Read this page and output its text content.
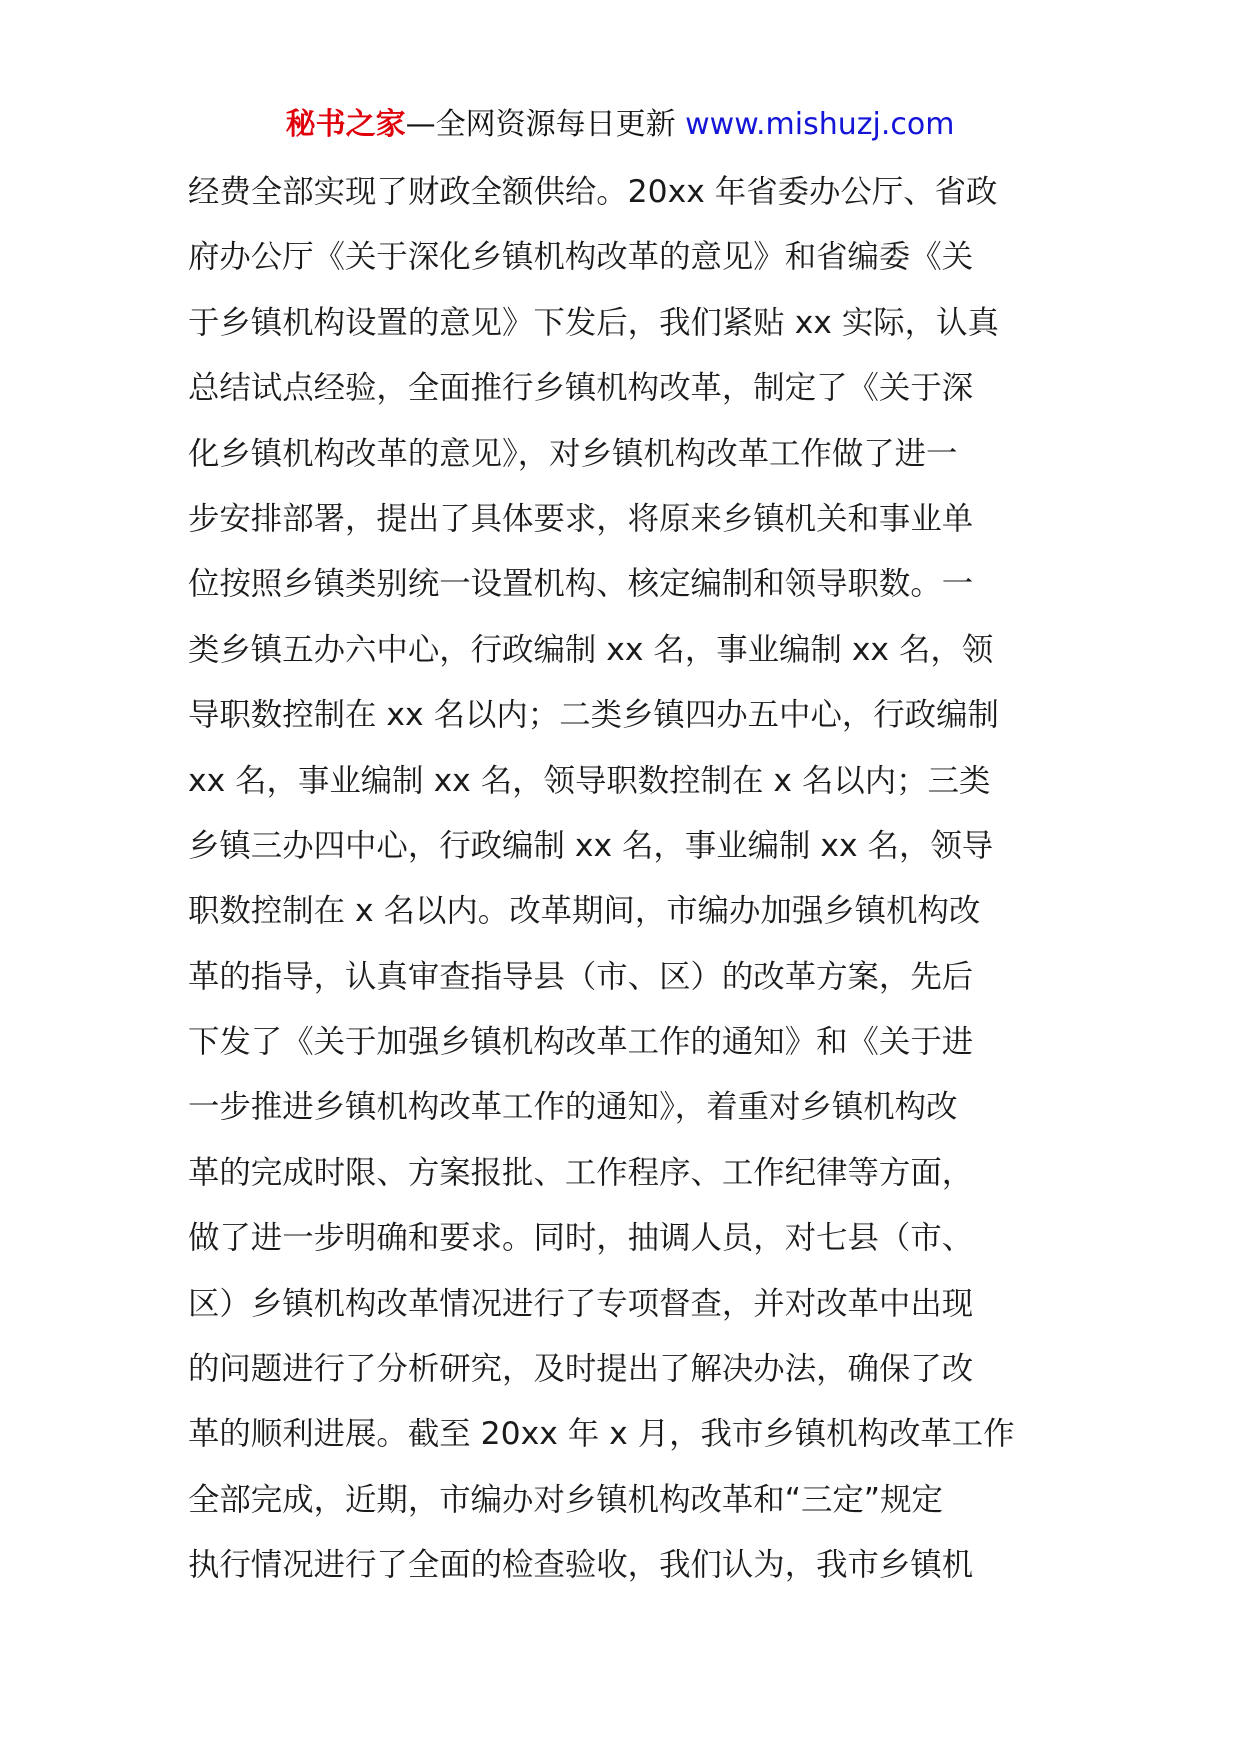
秘书之家—全网资源每日更新 www.mishuzj.com
经费全部实现了财政全额供给。20xx 年省委办公厅、省政
府办公厅《关于深化乡镇机构改革的意见》和省编委《关
于乡镇机构设置的意见》下发后，我们紧贴 xx 实际，认真
总结试点经验，全面推行乡镇机构改革，制定了《关于深
化乡镇机构改革的意见》，对乡镇机构改革工作做了进一
步安排部署，提出了具体要求，将原来乡镇机关和事业单
位按照乡镇类别统一设置机构、核定编制和领导职数。一
类乡镇五办六中心，行政编制 xx 名，事业编制 xx 名，领
导职数控制在 xx 名以内；二类乡镇四办五中心，行政编制
xx 名，事业编制 xx 名，领导职数控制在 x 名以内；三类
乡镇三办四中心，行政编制 xx 名，事业编制 xx 名，领导
职数控制在 x 名以内。改革期间，市编办加强乡镇机构改
革的指导，认真审查指导县（市、区）的改革方案，先后
下发了《关于加强乡镇机构改革工作的通知》和《关于进
一步推进乡镇机构改革工作的通知》，着重对乡镇机构改
革的完成时限、方案报批、工作程序、工作纪律等方面，
做了进一步明确和要求。同时，抽调人员，对七县（市、
区）乡镇机构改革情况进行了专项督查，并对改革中出现
的问题进行了分析研究，及时提出了解决办法，确保了改
革的顺利进展。截至 20xx 年 x 月，我市乡镇机构改革工作
全部完成，近期，市编办对乡镇机构改革和“三定”规定
执行情况进行了全面的检查验收，我们认为，我市乡镇机
